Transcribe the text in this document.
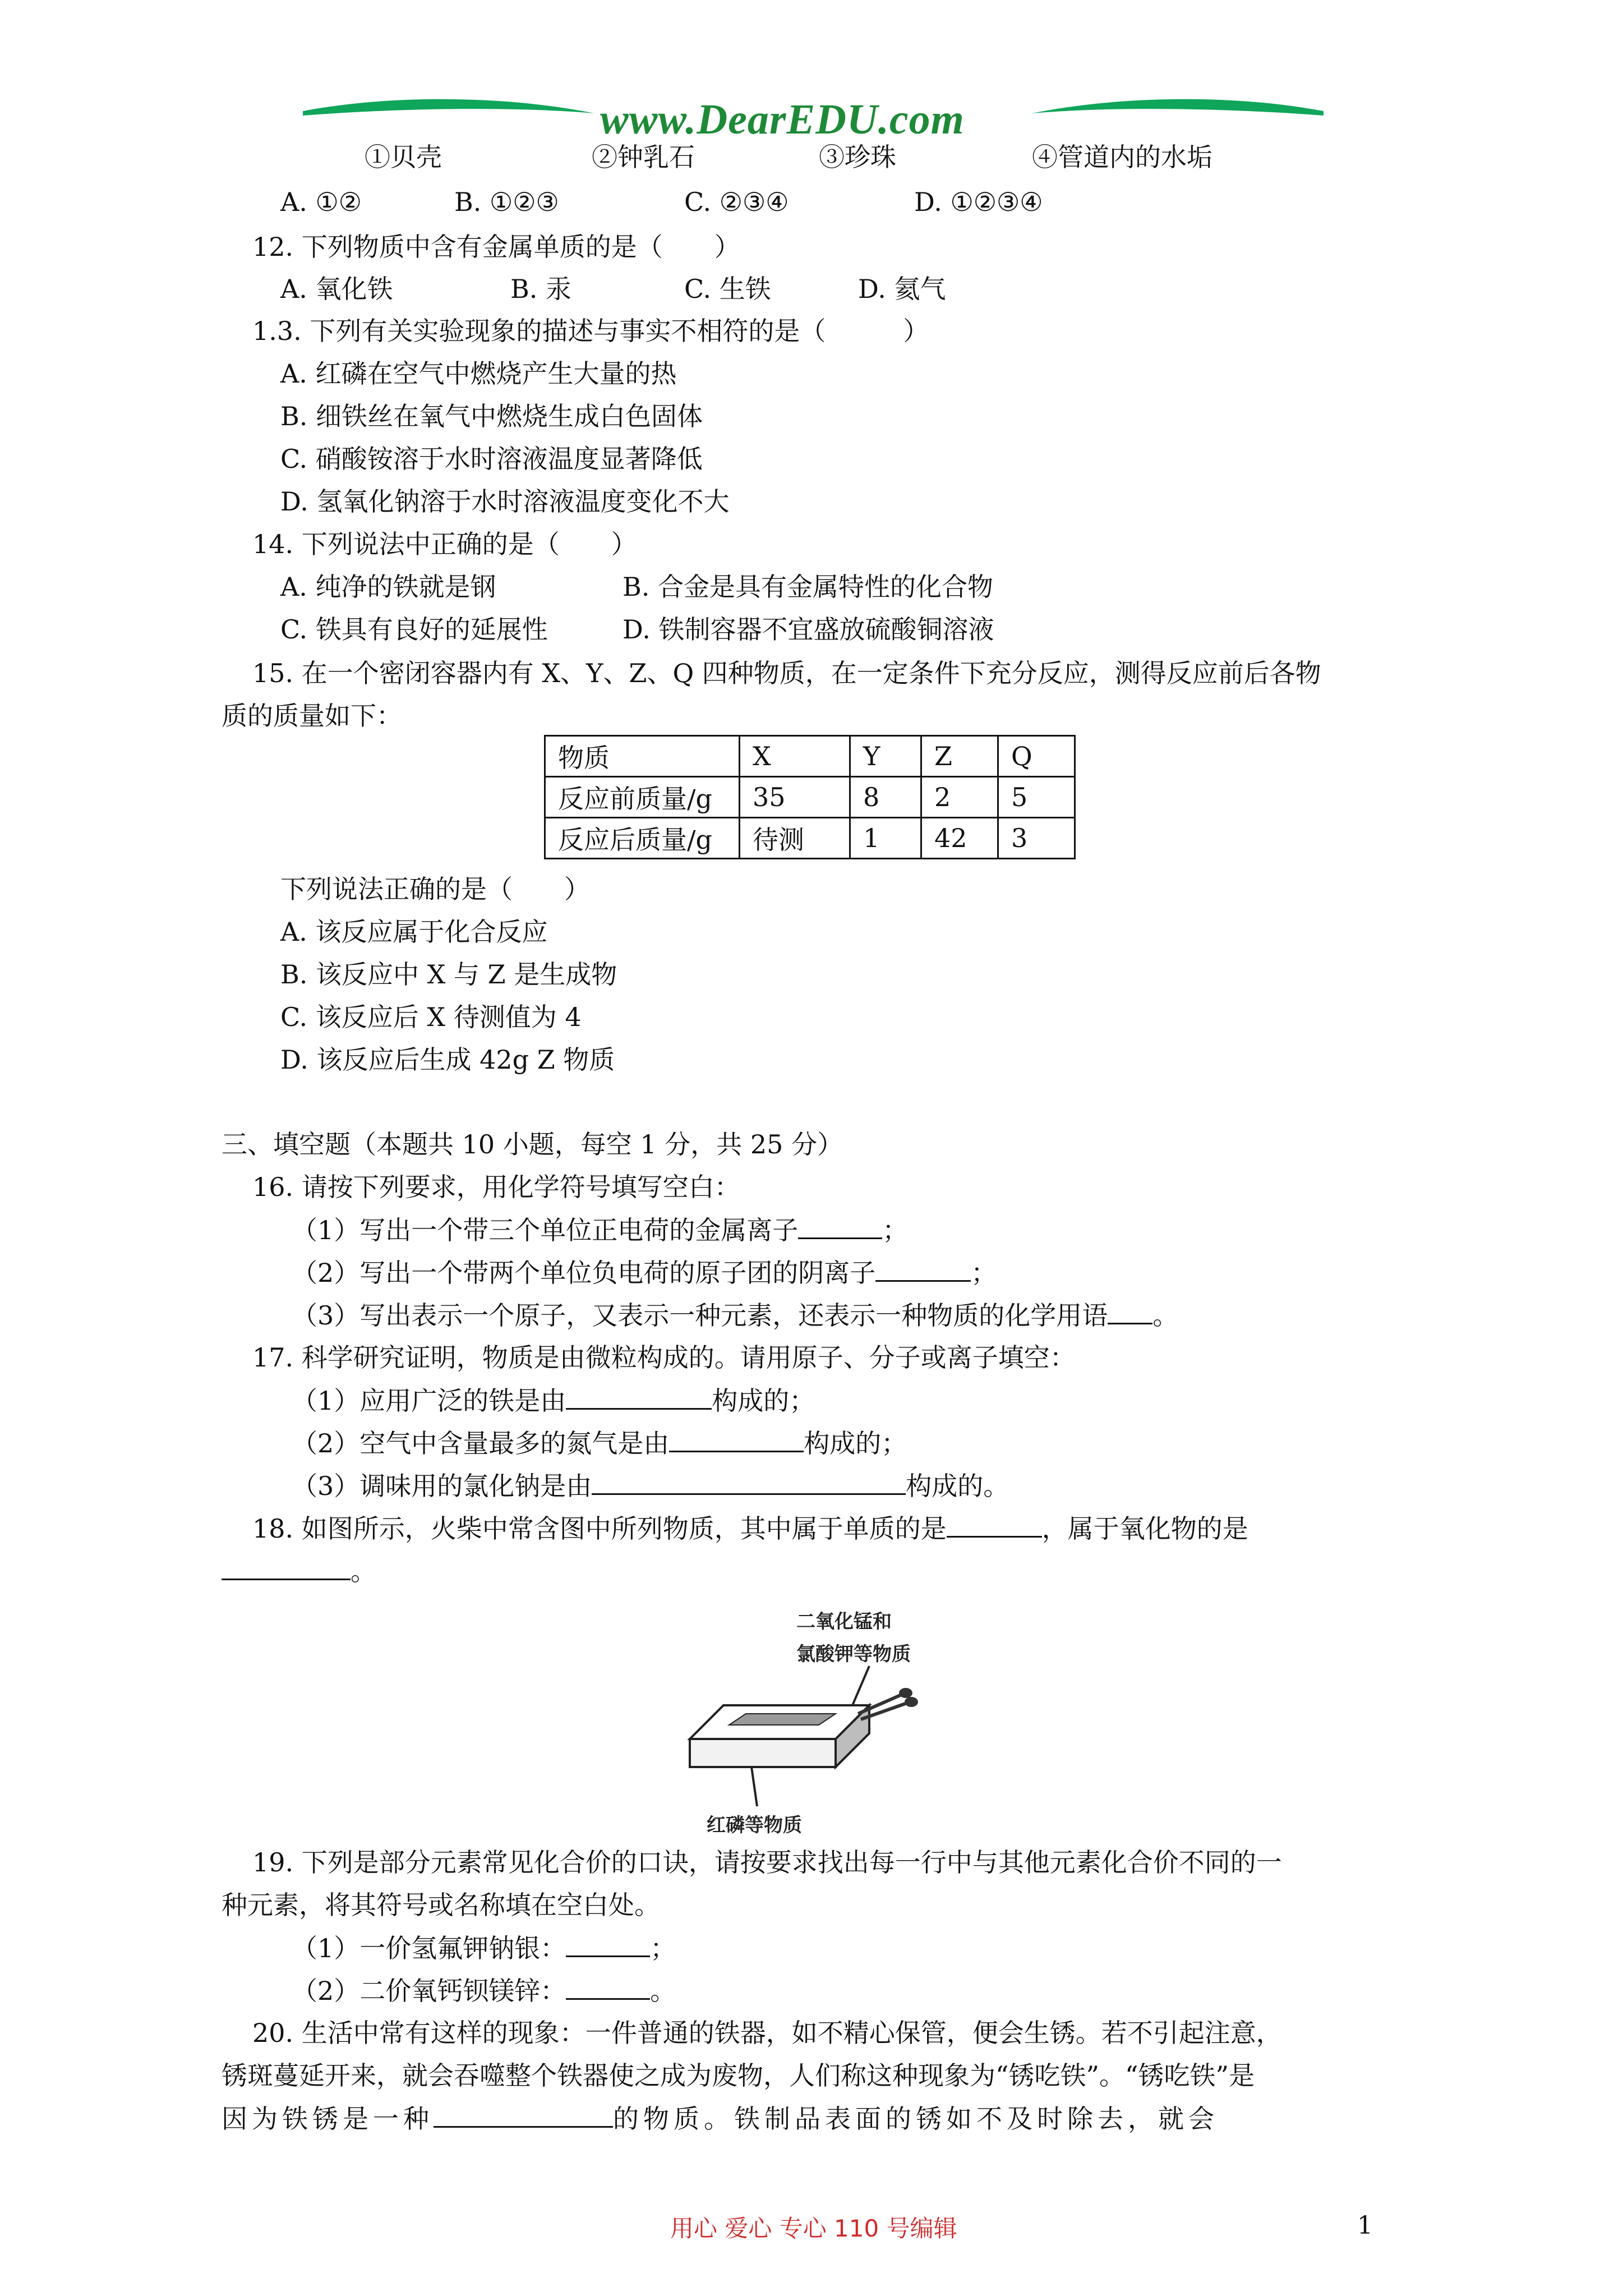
www.DearEDU.com
①贝壳	②钟乳石	③珍珠	④管道内的水垢
A. ①②	B. ①②③	C. ②③④	D. ①②③④
12. 下列物质中含有金属单质的是（　　）
A. 氧化铁	B. 汞	C. 生铁	D. 氦气
1.3. 下列有关实验现象的描述与事实不相符的是（　　　）
A. 红磷在空气中燃烧产生大量的热
B. 细铁丝在氧气中燃烧生成白色固体
C. 硝酸铵溶于水时溶液温度显著降低
D. 氢氧化钠溶于水时溶液温度变化不大
14. 下列说法中正确的是（　　）
A. 纯净的铁就是钢	B. 合金是具有金属特性的化合物
C. 铁具有良好的延展性	D. 铁制容器不宜盛放硫酸铜溶液
15. 在一个密闭容器内有 X、Y、Z、Q 四种物质，在一定条件下充分反应，测得反应前后各物
质的质量如下：
物质	X	Y	Z	Q
反应前质量/g	35	8	2	5
反应后质量/g	待测	1	42	3
下列说法正确的是（　　）
A. 该反应属于化合反应
B. 该反应中 X 与 Z 是生成物
C. 该反应后 X 待测值为 4
D. 该反应后生成 42g Z 物质
三、填空题（本题共 10 小题，每空 1 分，共 25 分）
16. 请按下列要求，用化学符号填写空白：
（1）写出一个带三个单位正电荷的金属离子	；
（2）写出一个带两个单位负电荷的原子团的阴离子	；
（3）写出表示一个原子，又表示一种元素，还表示一种物质的化学用语 。
17. 科学研究证明，物质是由微粒构成的。请用原子、分子或离子填空：
（1）应用广泛的铁是由	构成的；
（2）空气中含量最多的氮气是由	构成的；
（3）调味用的氯化钠是由	构成的。
18. 如图所示，火柴中常含图中所列物质，其中属于单质的是	，属于氧化物的是
。
二氧化锰和
氯酸钾等物质
红磷等物质
19. 下列是部分元素常见化合价的口诀，请按要求找出每一行中与其他元素化合价不同的一
种元素，将其符号或名称填在空白处。
（1）一价氢氟钾钠银：	；
（2）二价氧钙钡镁锌：	。
20. 生活中常有这样的现象：一件普通的铁器，如不精心保管，便会生锈。若不引起注意，
锈斑蔓延开来，就会吞噬整个铁器使之成为废物，人们称这种现象为“锈吃铁”。“锈吃铁”是
因为铁锈是一种	的物质。铁制品表面的锈如不及时除去，就会
用心 爱心 专心 110 号编辑	1
